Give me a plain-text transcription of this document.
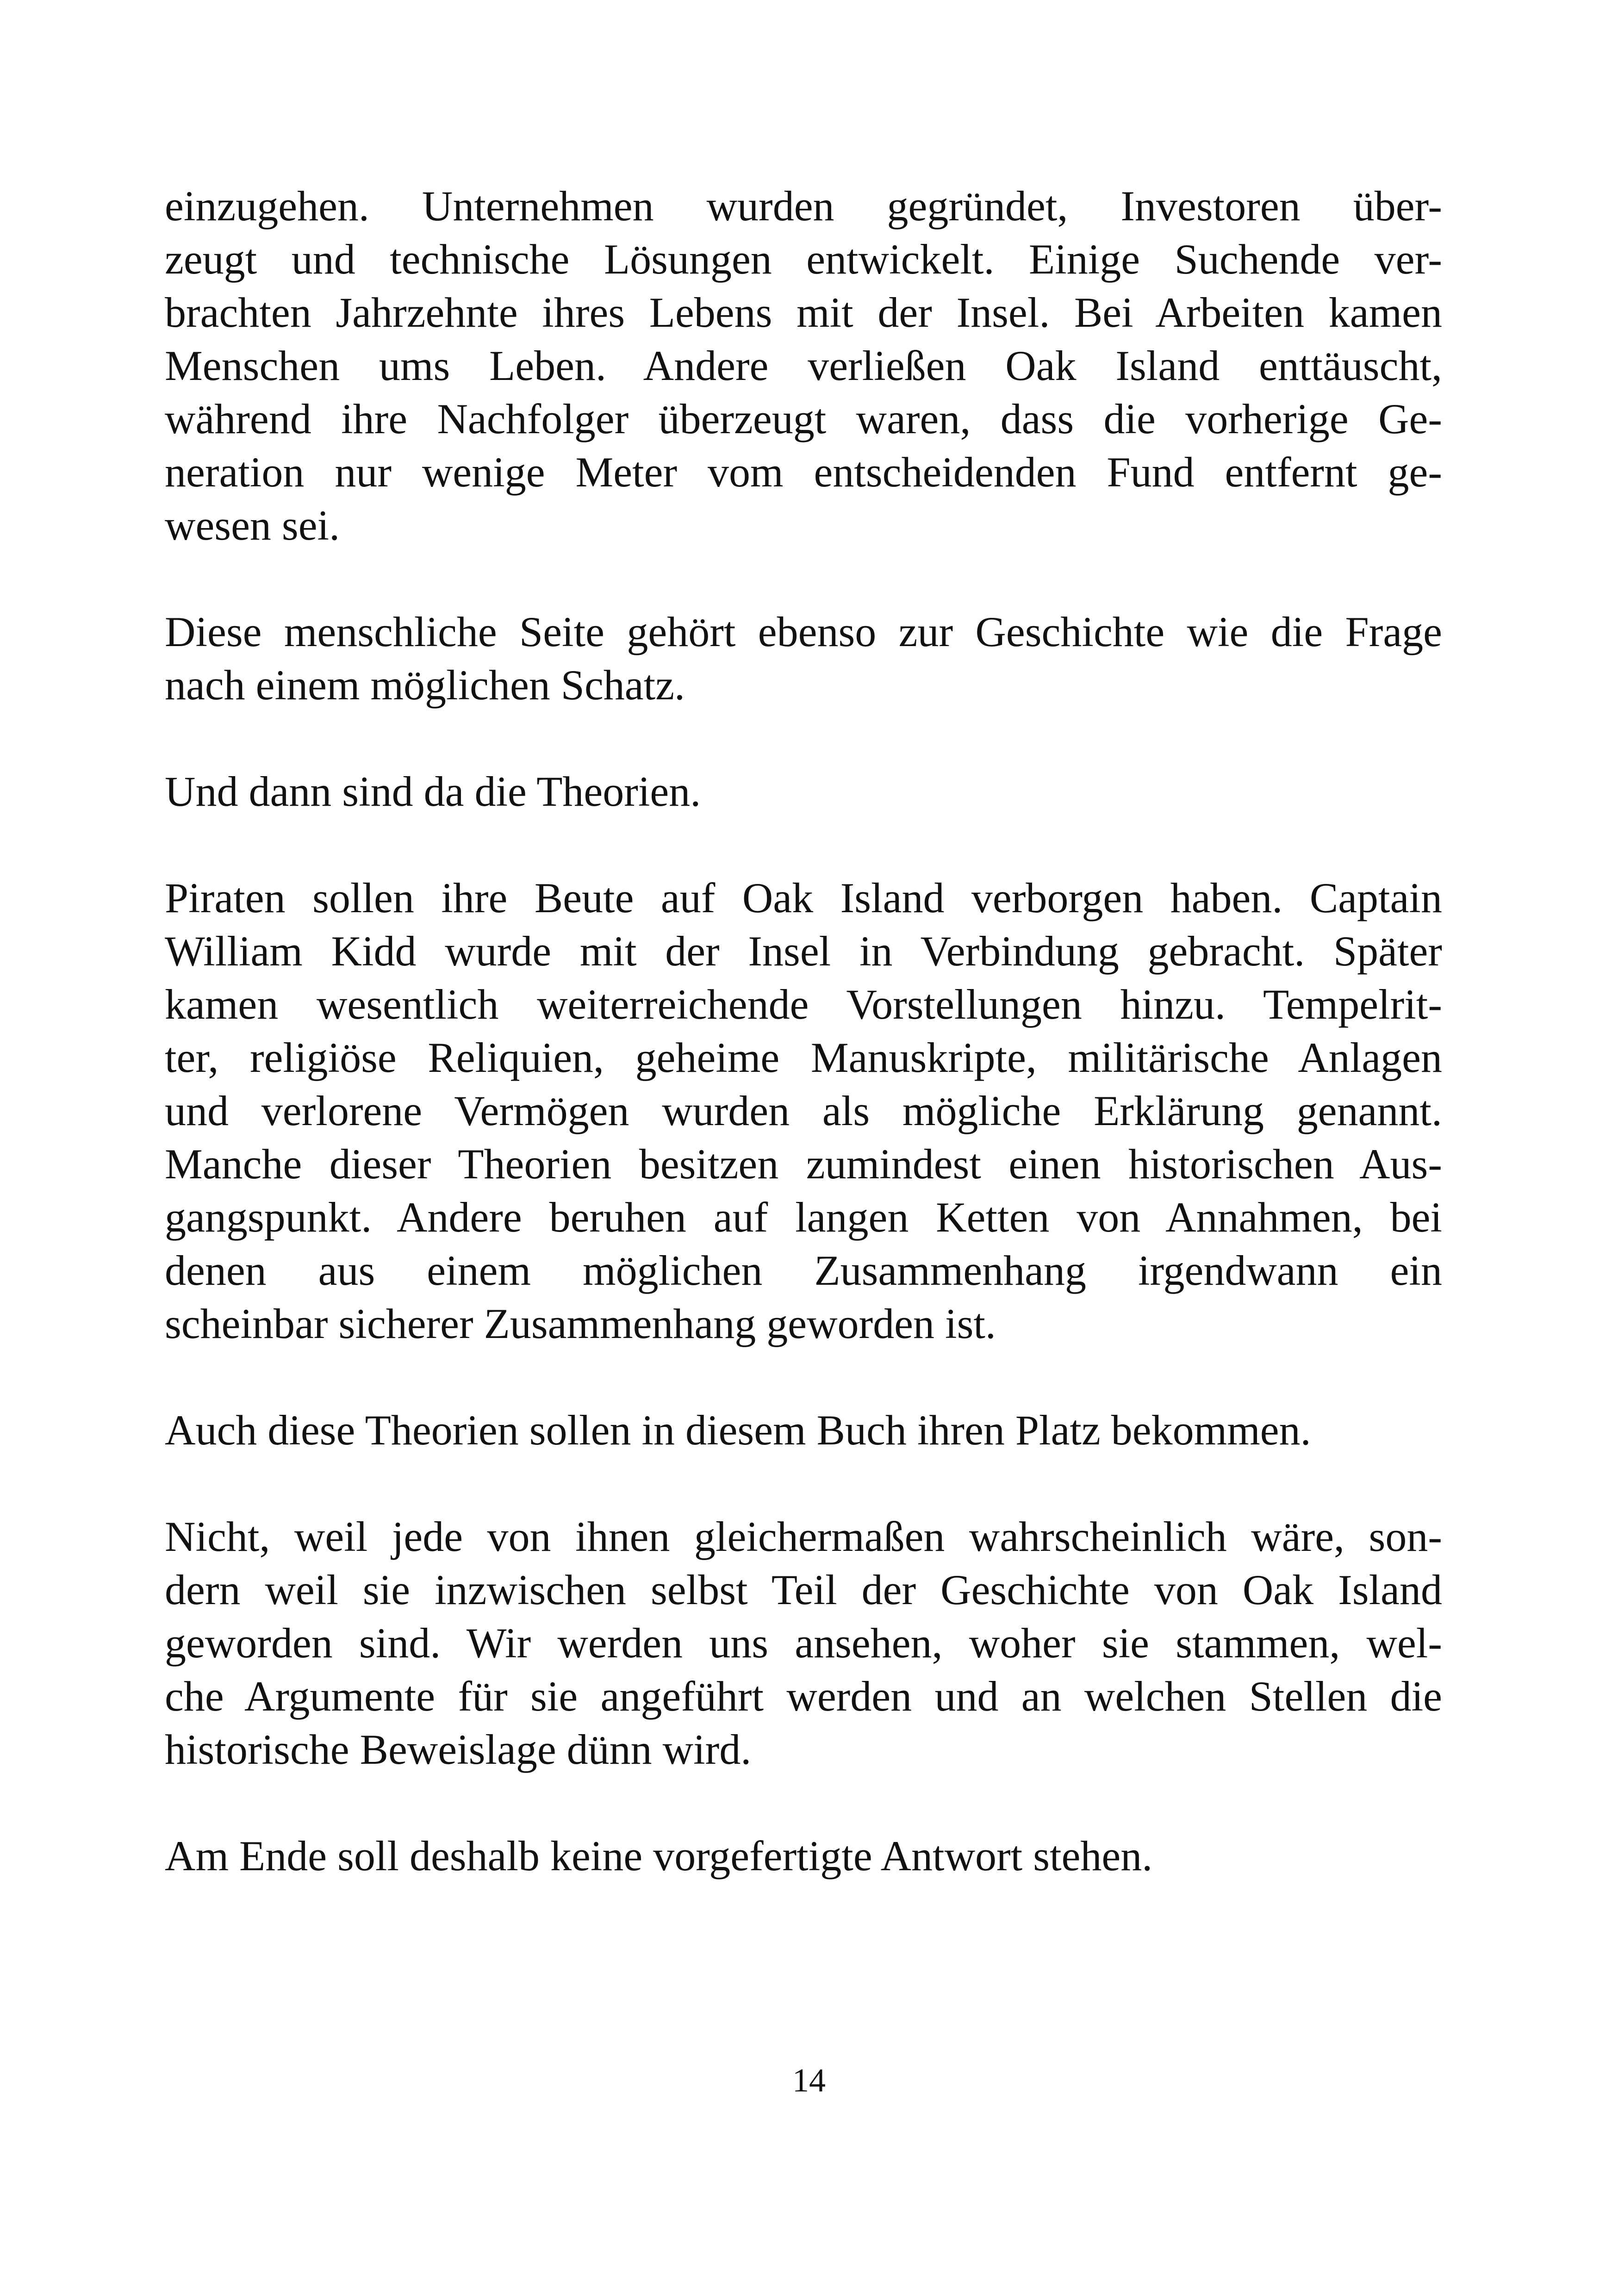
einzugehen. Unternehmen wurden gegründet, Investoren über-
zeugt und technische Lösungen entwickelt. Einige Suchende ver-
brachten Jahrzehnte ihres Lebens mit der Insel. Bei Arbeiten kamen
Menschen ums Leben. Andere verließen Oak Island enttäuscht,
während ihre Nachfolger überzeugt waren, dass die vorherige Ge-
neration nur wenige Meter vom entscheidenden Fund entfernt ge-
wesen sei.

Diese menschliche Seite gehört ebenso zur Geschichte wie die Frage
nach einem möglichen Schatz.

Und dann sind da die Theorien.

Piraten sollen ihre Beute auf Oak Island verborgen haben. Captain
William Kidd wurde mit der Insel in Verbindung gebracht. Später
kamen wesentlich weiterreichende Vorstellungen hinzu. Tempelrit-
ter, religiöse Reliquien, geheime Manuskripte, militärische Anlagen
und verlorene Vermögen wurden als mögliche Erklärung genannt.
Manche dieser Theorien besitzen zumindest einen historischen Aus-
gangspunkt. Andere beruhen auf langen Ketten von Annahmen, bei
denen aus einem möglichen Zusammenhang irgendwann ein
scheinbar sicherer Zusammenhang geworden ist.

Auch diese Theorien sollen in diesem Buch ihren Platz bekommen.

Nicht, weil jede von ihnen gleichermaßen wahrscheinlich wäre, son-
dern weil sie inzwischen selbst Teil der Geschichte von Oak Island
geworden sind. Wir werden uns ansehen, woher sie stammen, wel-
che Argumente für sie angeführt werden und an welchen Stellen die
historische Beweislage dünn wird.

Am Ende soll deshalb keine vorgefertigte Antwort stehen.

14
